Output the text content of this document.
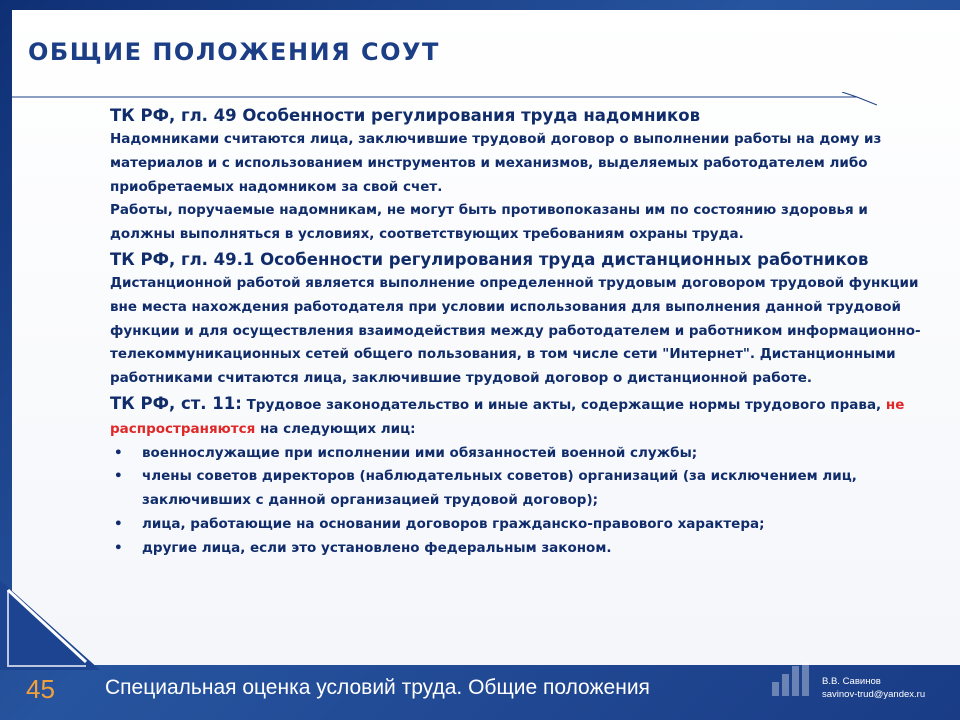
ОБЩИЕ ПОЛОЖЕНИЯ СОУТ

ТК РФ, гл. 49 Особенности регулирования труда надомников

Надомниками считаются лица, заключившие трудовой договор о выполнении работы на дому из материалов и с использованием инструментов и механизмов, выделяемых работодателем либо приобретаемых надомником за свой счет.

Работы, поручаемые надомникам, не могут быть противопоказаны им по состоянию здоровья и должны выполняться в условиях, соответствующих требованиям охраны труда.

ТК РФ, гл. 49.1 Особенности регулирования труда дистанционных работников

Дистанционной работой является выполнение определенной трудовым договором трудовой функции вне места нахождения работодателя при условии использования для выполнения данной трудовой функции и для осуществления взаимодействия между работодателем и работником информационно-телекоммуникационных сетей общего пользования, в том числе сети "Интернет". Дистанционными работниками считаются лица, заключившие трудовой договор о дистанционной работе.

ТК РФ, ст. 11: Трудовое законодательство и иные акты, содержащие нормы трудового права, не распространяются на следующих лиц:

• военнослужащие при исполнении ими обязанностей военной службы;
• члены советов директоров (наблюдательных советов) организаций (за исключением лиц, заключивших с данной организацией трудовой договор);
• лица, работающие на основании договоров гражданско-правового характера;
• другие лица, если это установлено федеральным законом.
45 Специальная оценка условий труда. Общие положения	В.В. Савинов
savinov-trud@yandex.ru
